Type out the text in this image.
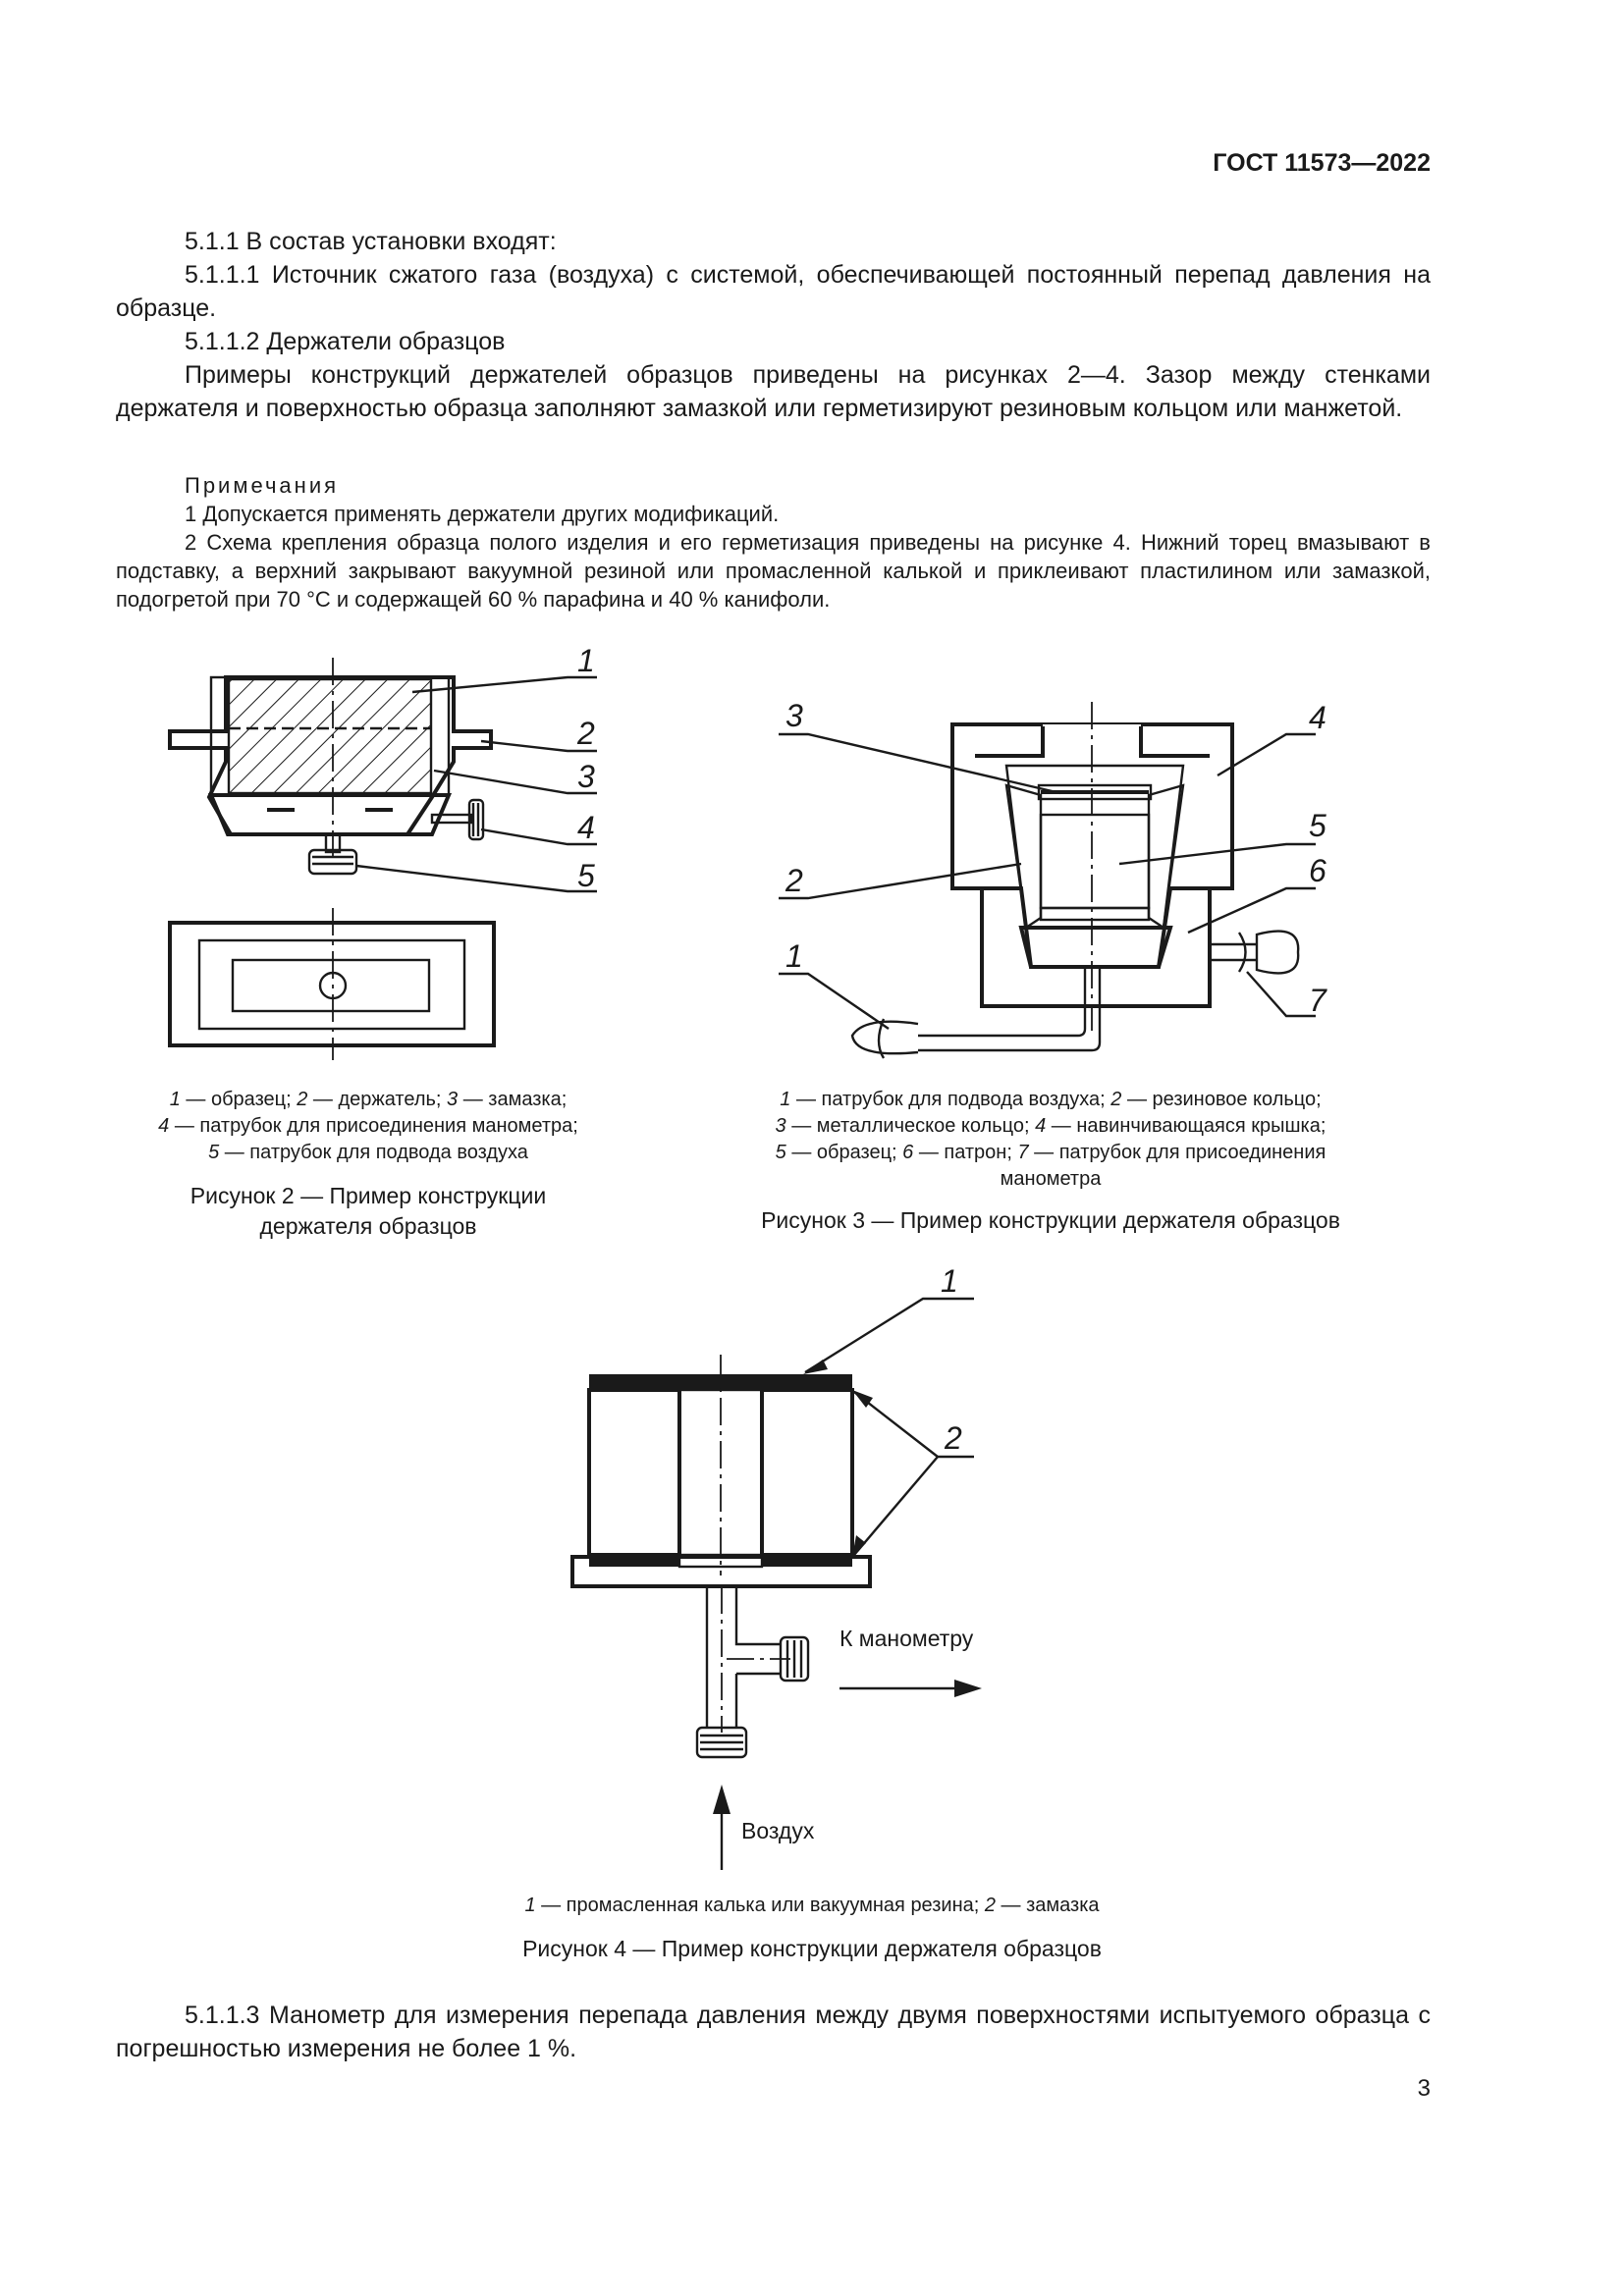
ГОСТ 11573—2022

5.1.1 В состав установки входят:

5.1.1.1 Источник сжатого газа (воздуха) с системой, обеспечивающей постоянный перепад давления на образце.

5.1.1.2 Держатели образцов

Примеры конструкций держателей образцов приведены на рисунках 2—4. Зазор между стенками держателя и поверхностью образца заполняют замазкой или герметизируют резиновым кольцом или манжетой.

Примечания

1 Допускается применять держатели других модификаций.

2 Схема крепления образца полого изделия и его герметизация приведены на рисунке 4. Нижний торец вмазывают в подставку, а верхний закрывают вакуумной резиной или промасленной калькой и приклеивают пластилином или замазкой, подогретой при 70 °С и содержащей 60 % парафина и 40 % канифоли.

1
2
3
4
5
1 — образец; 2 — держатель; 3 — замазка;
4 — патрубок для присоединения манометра;
5 — патрубок для подвода воздуха
Рисунок 2 — Пример конструкции
держателя образцов
1
2
3	4
5
6
7
1 — патрубок для подвода воздуха; 2 — резиновое кольцо;
3 — металлическое кольцо; 4 — навинчивающаяся крышка;
5 — образец; 6 — патрон; 7 — патрубок для присоединения
манометра
Рисунок 3 — Пример конструкции держателя образцов
1
2
К манометру
Воздух
1 — промасленная калька или вакуумная резина; 2 — замазка
Рисунок 4 — Пример конструкции держателя образцов

5.1.1.3 Манометр для измерения перепада давления между двумя поверхностями испытуемого образца с погрешностью измерения не более 1 %.

3
